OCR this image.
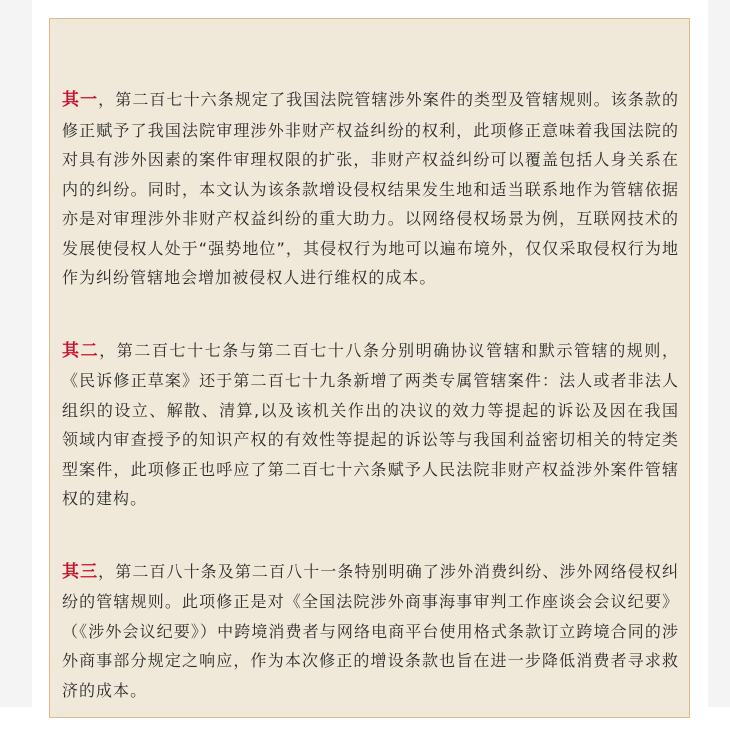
其一，第二百七十六条规定了我国法院管辖涉外案件的类型及管辖规则。该条款的修正赋予了我国法院审理涉外非财产权益纠纷的权利，此项修正意味着我国法院的对具有涉外因素的案件审理权限的扩张，非财产权益纠纷可以覆盖包括人身关系在内的纠纷。同时，本文认为该条款增设侵权结果发生地和适当联系地作为管辖依据亦是对审理涉外非财产权益纠纷的重大助力。以网络侵权场景为例，互联网技术的发展使侵权人处于“强势地位”，其侵权行为地可以遍布境外，仅仅采取侵权行为地作为纠纷管辖地会增加被侵权人进行维权的成本。

其二，第二百七十七条与第二百七十八条分别明确协议管辖和默示管辖的规则，《民诉修正草案》还于第二百七十九条新增了两类专属管辖案件：法人或者非法人组织的设立、解散、清算,以及该机关作出的决议的效力等提起的诉讼及因在我国领域内审查授予的知识产权的有效性等提起的诉讼等与我国利益密切相关的特定类型案件，此项修正也呼应了第二百七十六条赋予人民法院非财产权益涉外案件管辖权的建构。

其三，第二百八十条及第二百八十一条特别明确了涉外消费纠纷、涉外网络侵权纠纷的管辖规则。此项修正是对《全国法院涉外商事海事审判工作座谈会会议纪要》（《涉外会议纪要》）中跨境消费者与网络电商平台使用格式条款订立跨境合同的涉外商事部分规定之响应，作为本次修正的增设条款也旨在进一步降低消费者寻求救济的成本。
